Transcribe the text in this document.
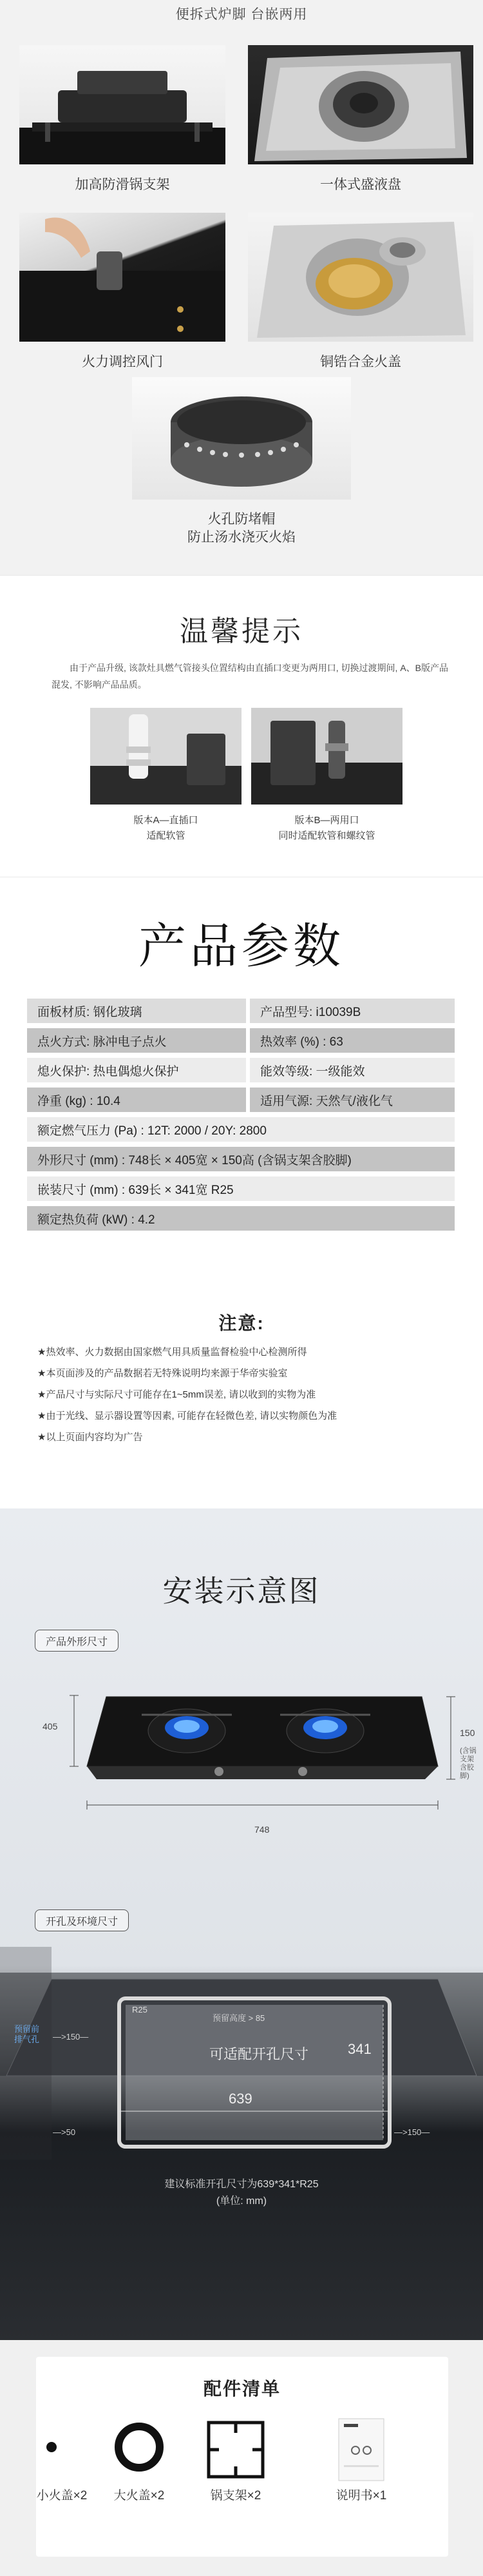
便拆式炉脚 台嵌两用
加高防滑锅支架	一体式盛液盘
火力调控风门	铜锆合金火盖
火孔防堵帽
防止汤水浇灭火焰
温馨提示
由于产品升级, 该款灶具燃气管接头位置结构由直插口变更为两用口, 切换过渡期间, A、B版产品混发, 不影响产品品质。
版本A—直插口
适配软管
版本B—两用口
同时适配软管和螺纹管
产品参数
面板材质: 钢化玻璃	产品型号: i10039B
点火方式: 脉冲电子点火	热效率 (%) : 63
熄火保护: 热电偶熄火保护	能效等级: 一级能效
净重 (kg) : 10.4	适用气源: 天然气/液化气
额定燃气压力 (Pa) : 12T: 2000 / 20Y: 2800
外形尺寸 (mm) : 748长 × 405宽 × 150高 (含锅支架含胶脚)
嵌装尺寸 (mm) : 639长 × 341宽 R25
额定热负荷 (kW) : 4.2
注意:
★热效率、火力数据由国家燃气用具质量监督检验中心检测所得
★本页面涉及的产品数据若无特殊说明均来源于华帝实验室
★产品尺寸与实际尺寸可能存在1~5mm误差, 请以收到的实物为准
★由于光线、显示器设置等因素, 可能存在轻微色差, 请以实物颜色为准
★以上页面内容均为广告
安装示意图
产品外形尺寸
405
748
150
(含锅支架含胶脚)
开孔及环境尺寸
R25
预留高度 > 85
可适配开孔尺寸	341
639
预留前
排气孔 —>150—
—>50	—>150—
建议标准开孔尺寸为639*341*R25
(单位: mm)
配件清单
小火盖×2	大火盖×2	锅支架×2	说明书×1
